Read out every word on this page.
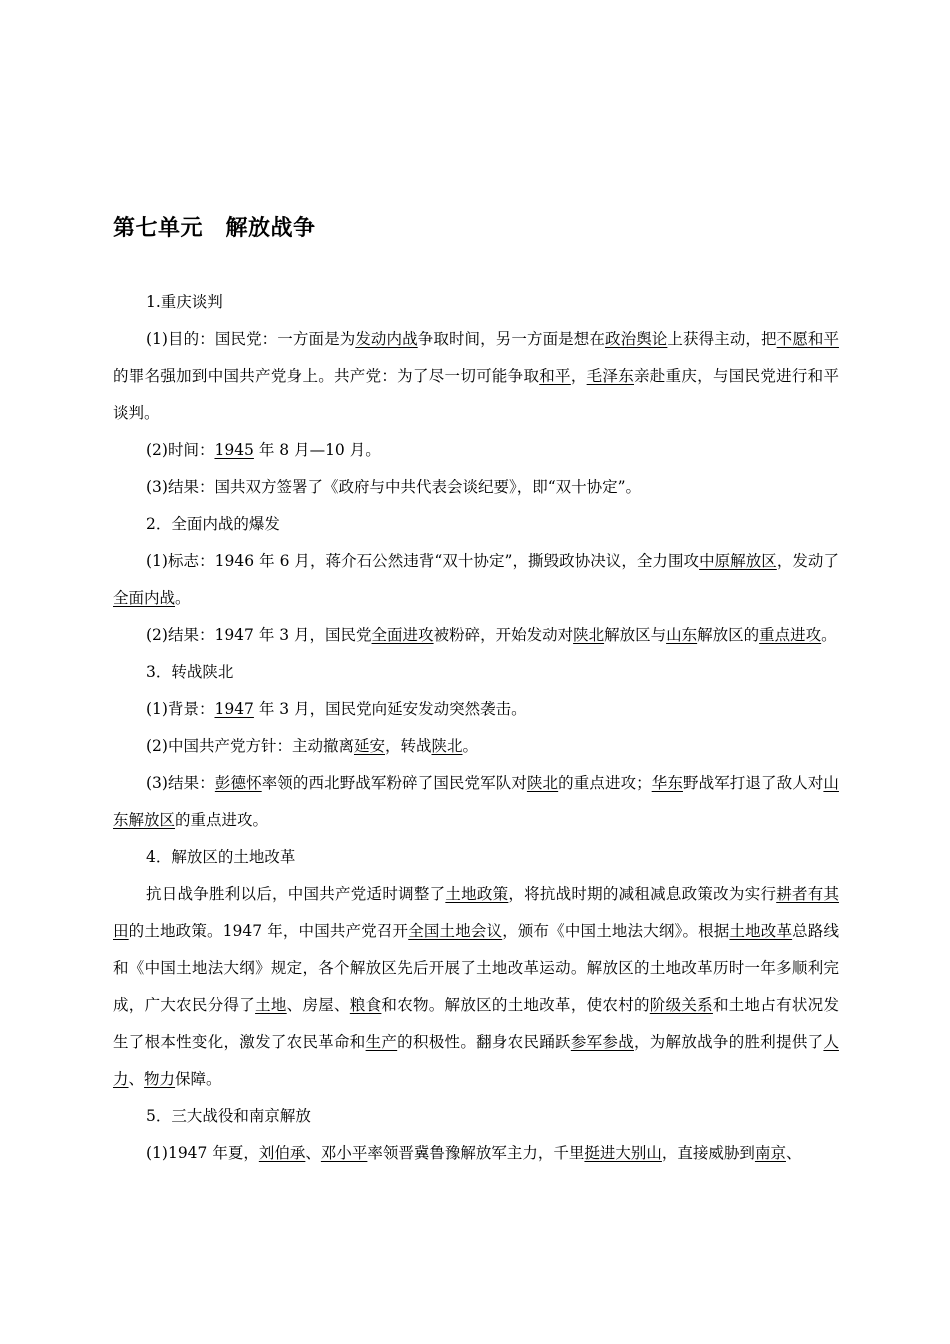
第七单元　解放战争

1.重庆谈判

(1)目的：国民党：一方面是为发动内战争取时间，另一方面是想在政治舆论上获得主动，把不愿和平的罪名强加到中国共产党身上。共产党：为了尽一切可能争取和平，毛泽东亲赴重庆，与国民党进行和平谈判。

(2)时间：1945 年 8 月—10 月。

(3)结果：国共双方签署了《政府与中共代表会谈纪要》，即“双十协定”。

2．全面内战的爆发

(1)标志：1946 年 6 月，蒋介石公然违背“双十协定”，撕毁政协决议，全力围攻中原解放区，发动了全面内战。

(2)结果：1947 年 3 月，国民党全面进攻被粉碎，开始发动对陕北解放区与山东解放区的重点进攻。

3．转战陕北

(1)背景：1947 年 3 月，国民党向延安发动突然袭击。

(2)中国共产党方针：主动撤离延安，转战陕北。

(3)结果：彭德怀率领的西北野战军粉碎了国民党军队对陕北的重点进攻；华东野战军打退了敌人对山东解放区的重点进攻。

4．解放区的土地改革

抗日战争胜利以后，中国共产党适时调整了土地政策，将抗战时期的减租减息政策改为实行耕者有其田的土地政策。1947 年，中国共产党召开全国土地会议，颁布《中国土地法大纲》。根据土地改革总路线和《中国土地法大纲》规定，各个解放区先后开展了土地改革运动。解放区的土地改革历时一年多顺利完成，广大农民分得了土地、房屋、粮食和农物。解放区的土地改革，使农村的阶级关系和土地占有状况发生了根本性变化，激发了农民革命和生产的积极性。翻身农民踊跃参军参战，为解放战争的胜利提供了人力、物力保障。

5．三大战役和南京解放

(1)1947 年夏，刘伯承、邓小平率领晋冀鲁豫解放军主力，千里挺进大别山，直接威胁到南京、
